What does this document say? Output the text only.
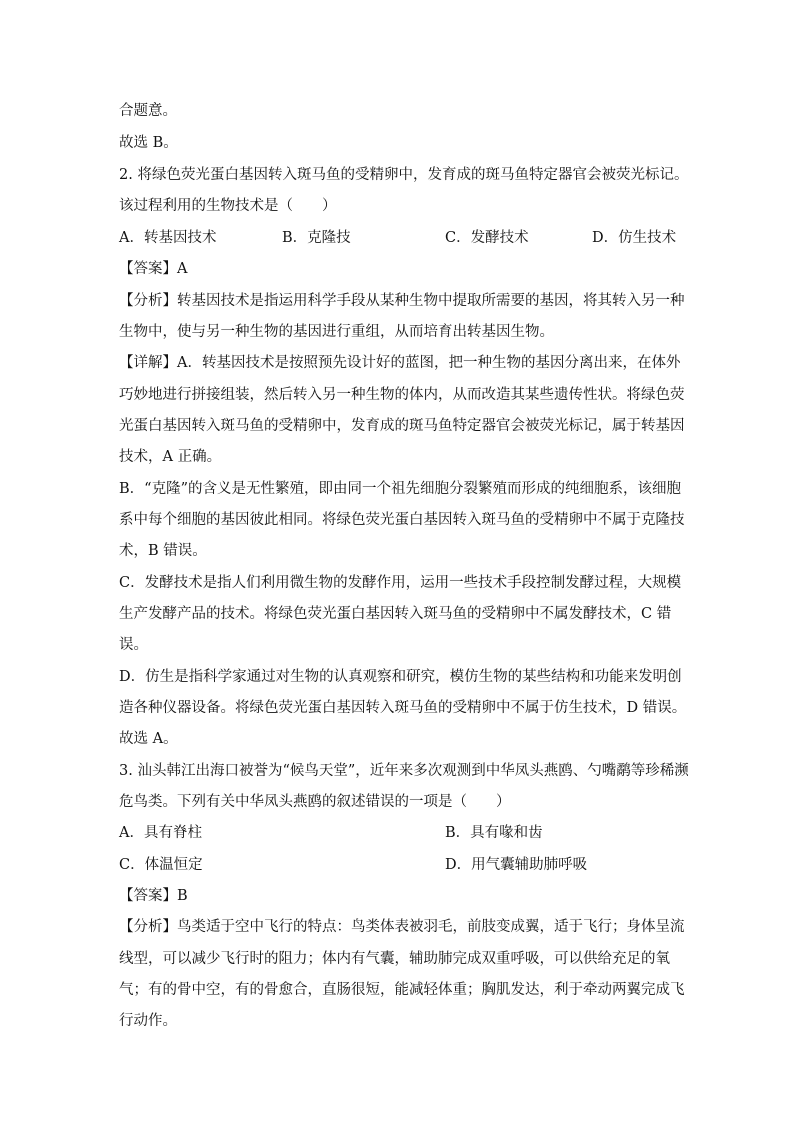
合题意。
故选 B。
2. 将绿色荧光蛋白基因转入斑马鱼的受精卵中，发育成的斑马鱼特定器官会被荧光标记。
该过程利用的生物技术是（　　）
A．转基因技术	B．克隆技	C．发酵技术	D．仿生技术
【答案】A
【分析】转基因技术是指运用科学手段从某种生物中提取所需要的基因，将其转入另一种
生物中，使与另一种生物的基因进行重组，从而培育出转基因生物。
【详解】A．转基因技术是按照预先设计好的蓝图，把一种生物的基因分离出来，在体外
巧妙地进行拼接组装，然后转入另一种生物的体内，从而改造其某些遗传性状。将绿色荧
光蛋白基因转入斑马鱼的受精卵中，发育成的斑马鱼特定器官会被荧光标记，属于转基因
技术，A 正确。
B．“克隆”的含义是无性繁殖，即由同一个祖先细胞分裂繁殖而形成的纯细胞系，该细胞
系中每个细胞的基因彼此相同。将绿色荧光蛋白基因转入斑马鱼的受精卵中不属于克隆技
术，B 错误。
C．发酵技术是指人们利用微生物的发酵作用，运用一些技术手段控制发酵过程，大规模
生产发酵产品的技术。将绿色荧光蛋白基因转入斑马鱼的受精卵中不属发酵技术，C 错
误。
D．仿生是指科学家通过对生物的认真观察和研究，模仿生物的某些结构和功能来发明创
造各种仪器设备。将绿色荧光蛋白基因转入斑马鱼的受精卵中不属于仿生技术，D 错误。
故选 A。
3. 汕头韩江出海口被誉为“候鸟天堂”，近年来多次观测到中华凤头燕鸥、勺嘴鹬等珍稀濒
危鸟类。下列有关中华凤头燕鸥的叙述错误的一项是（　　）
A．具有脊柱	B．具有喙和齿
C．体温恒定	D．用气囊辅助肺呼吸
【答案】B
【分析】鸟类适于空中飞行的特点：鸟类体表被羽毛，前肢变成翼，适于飞行；身体呈流
线型，可以减少飞行时的阻力；体内有气囊，辅助肺完成双重呼吸，可以供给充足的氧
气；有的骨中空，有的骨愈合，直肠很短，能减轻体重；胸肌发达，利于牵动两翼完成飞
行动作。
